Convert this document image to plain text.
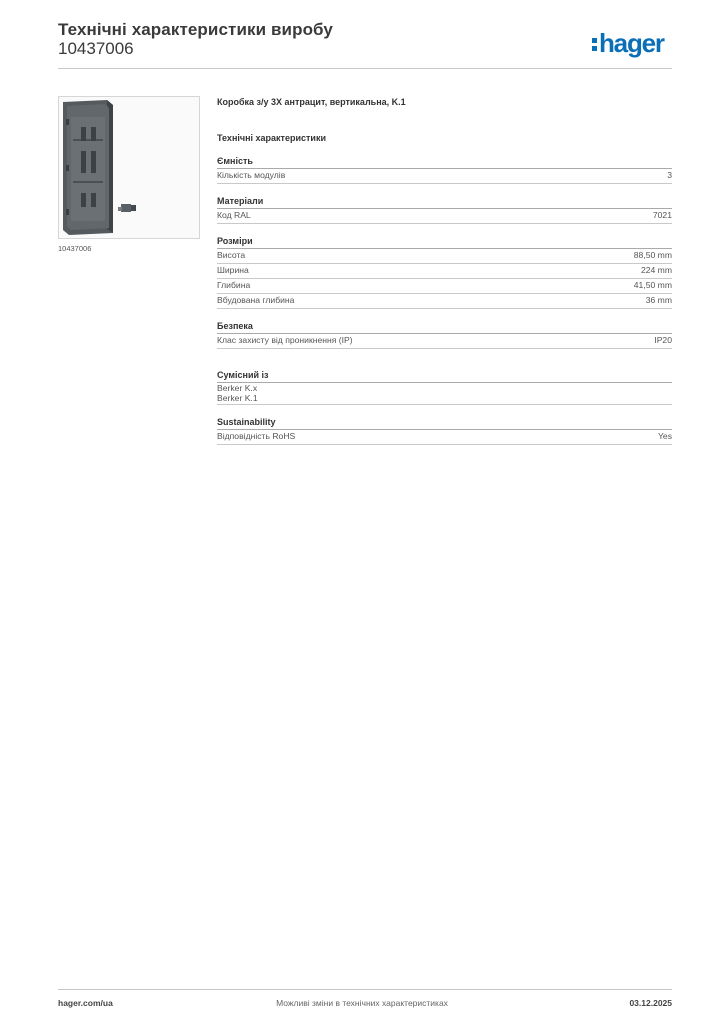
Технічні характеристики виробу
10437006	hager
10437006
Коробка з/у 3Х антрацит, вертикальна, K.1
Технічні характеристики
Ємність
Кількість модулів	3
Матеріали
Код RAL	7021
Розміри
Висота	88,50 mm
Ширина	224 mm
Глибина	41,50 mm
Вбудована глибина	36 mm
Безпека
Клас захисту від проникнення (IP)	IP20
Сумісний із
Berker K.x
Berker K.1
Sustainability
Відповідність RoHS	Yes
hager.com/ua	Можливі зміни в технічних характеристиках	03.12.2025
